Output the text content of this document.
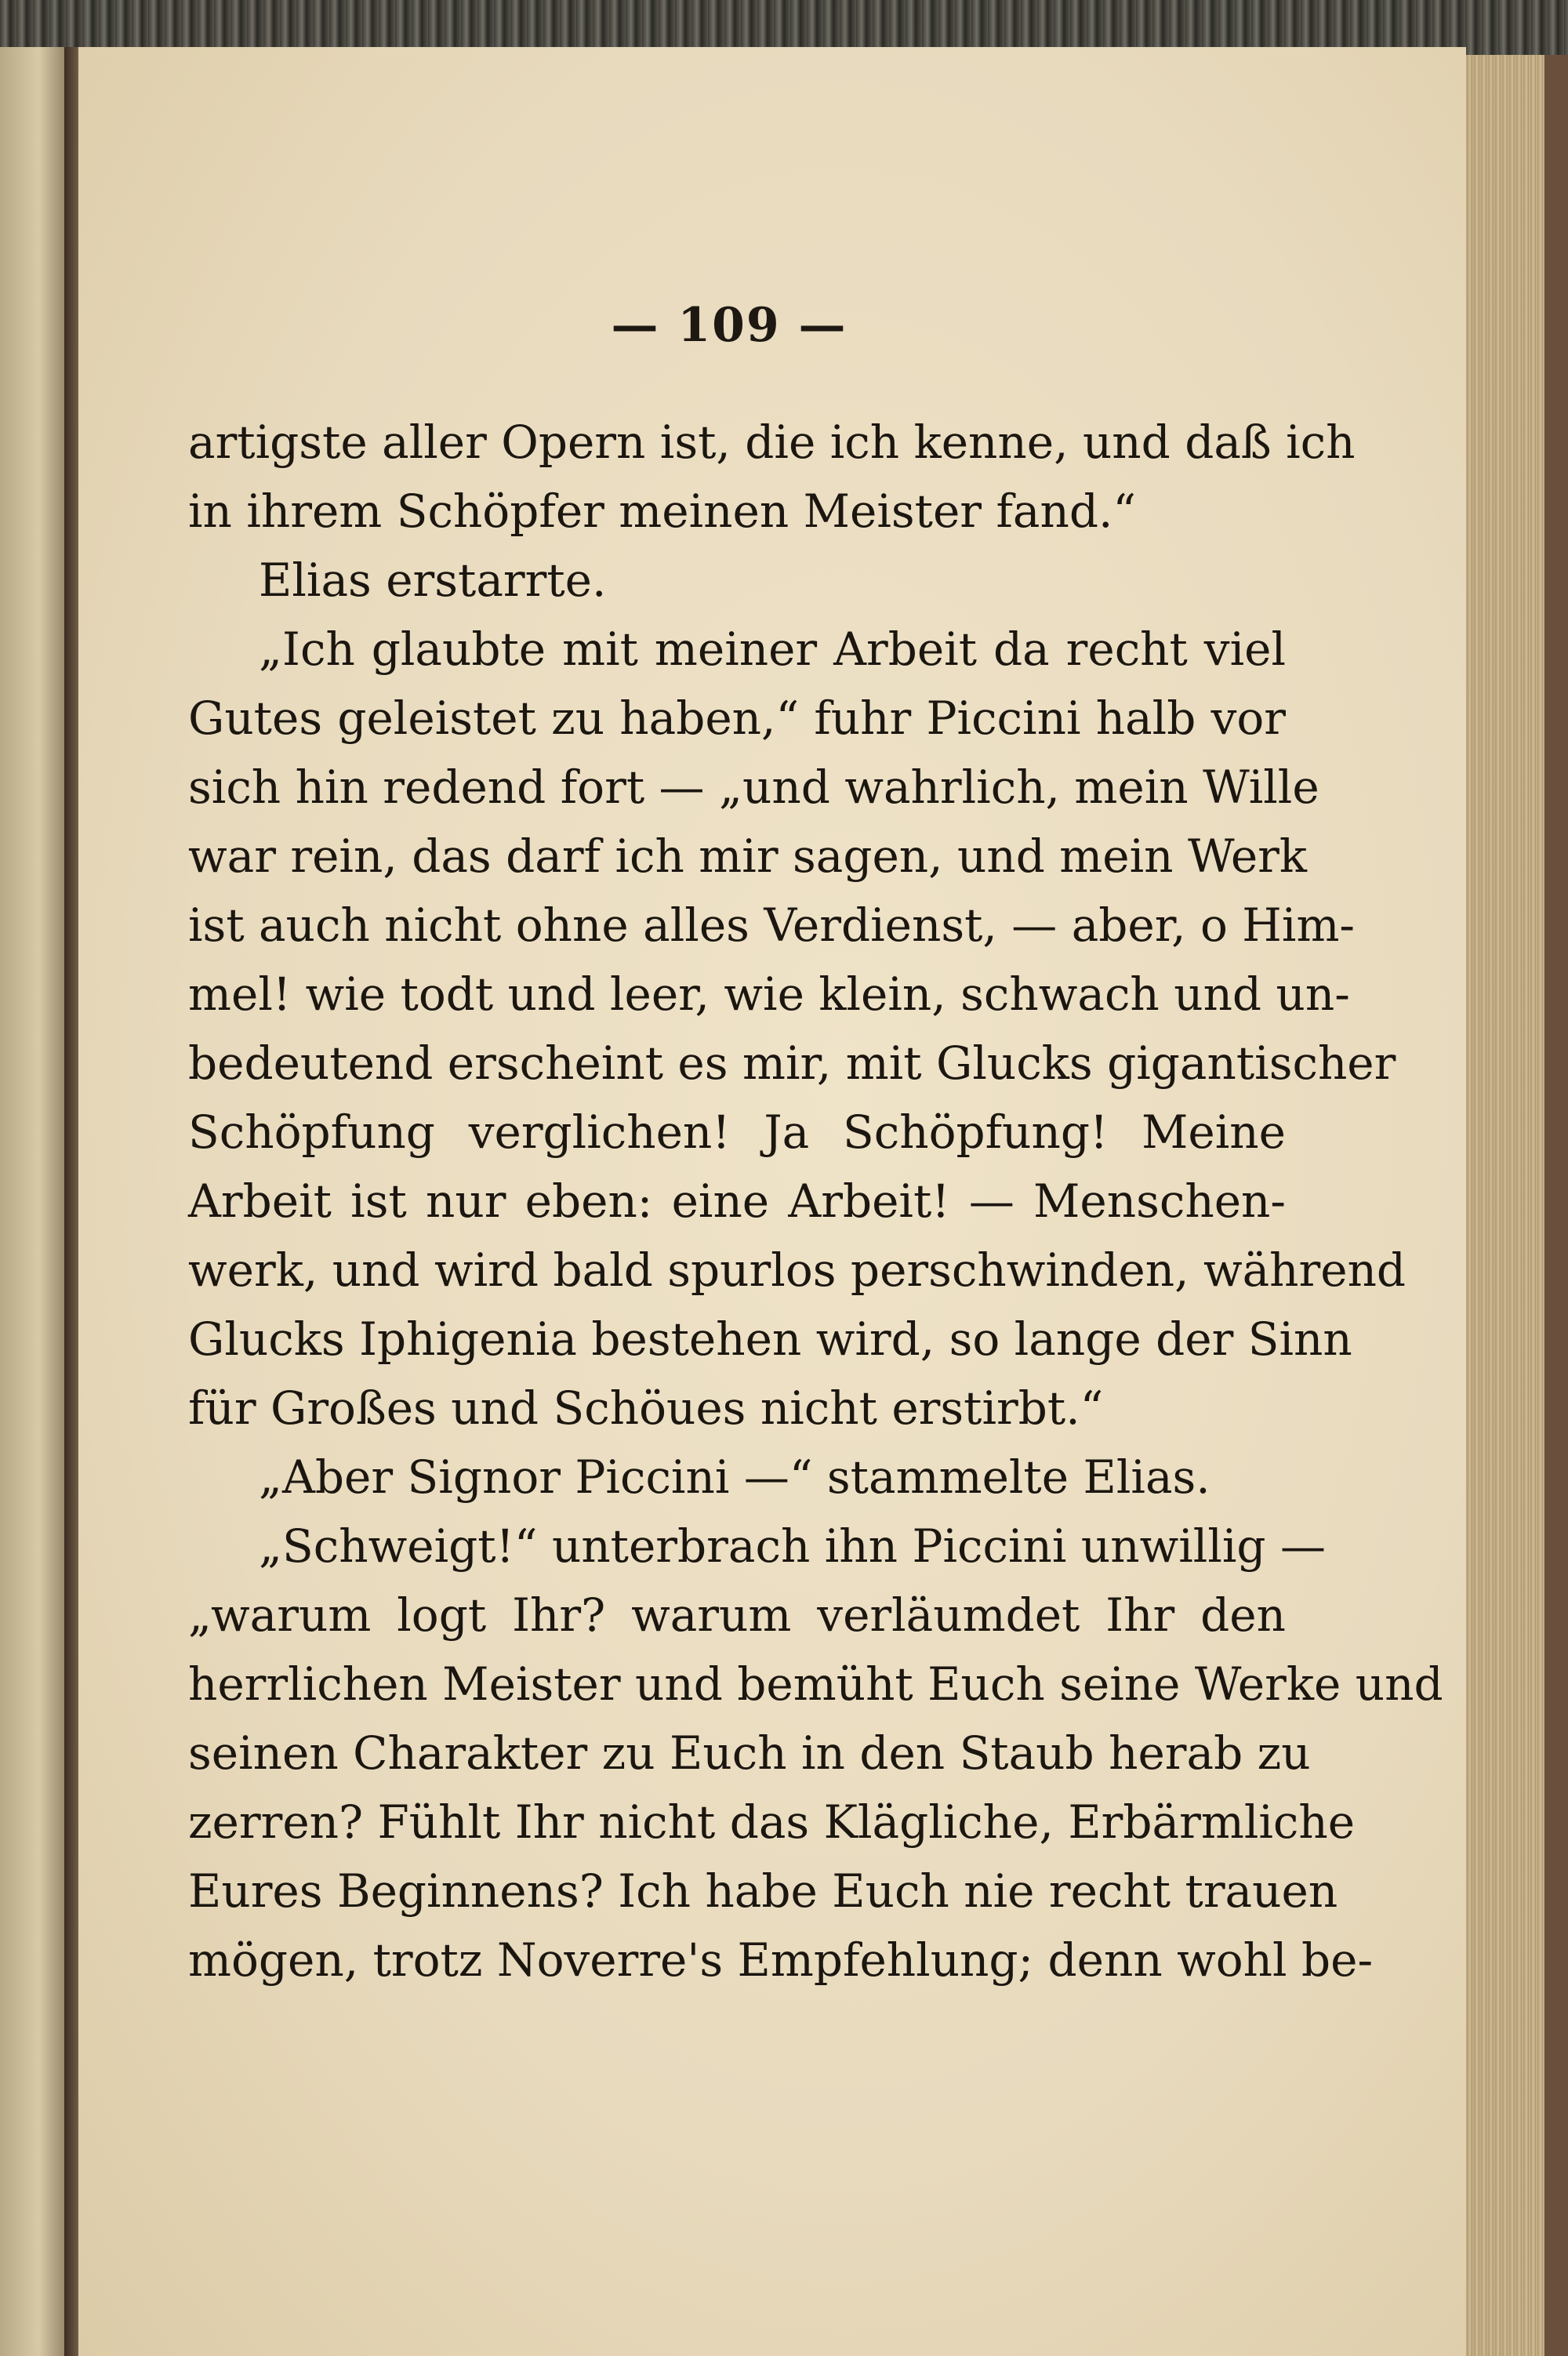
— 109 —
artigste aller Opern ist, die ich kenne, und daß ich
in ihrem Schöpfer meinen Meister fand.“
Elias erstarrte.
„Ich glaubte mit meiner Arbeit da recht viel
Gutes geleistet zu haben,“ fuhr Piccini halb vor
sich hin redend fort — „und wahrlich, mein Wille
war rein, das darf ich mir sagen, und mein Werk
ist auch nicht ohne alles Verdienst, — aber, o Him-
mel! wie todt und leer, wie klein, schwach und un-
bedeutend erscheint es mir, mit Glucks gigantischer
Schöpfung verglichen! Ja Schöpfung! Meine
Arbeit ist nur eben: eine Arbeit! — Menschen-
werk, und wird bald spurlos perschwinden, während
Glucks Iphigenia bestehen wird, so lange der Sinn
für Großes und Schöues nicht erstirbt.“
„Aber Signor Piccini —“ stammelte Elias.
„Schweigt!“ unterbrach ihn Piccini unwillig —
„warum logt Ihr? warum verläumdet Ihr den
herrlichen Meister und bemüht Euch seine Werke und
seinen Charakter zu Euch in den Staub herab zu
zerren? Fühlt Ihr nicht das Klägliche, Erbärmliche
Eures Beginnens? Ich habe Euch nie recht trauen
mögen, trotz Noverre's Empfehlung; denn wohl be-
